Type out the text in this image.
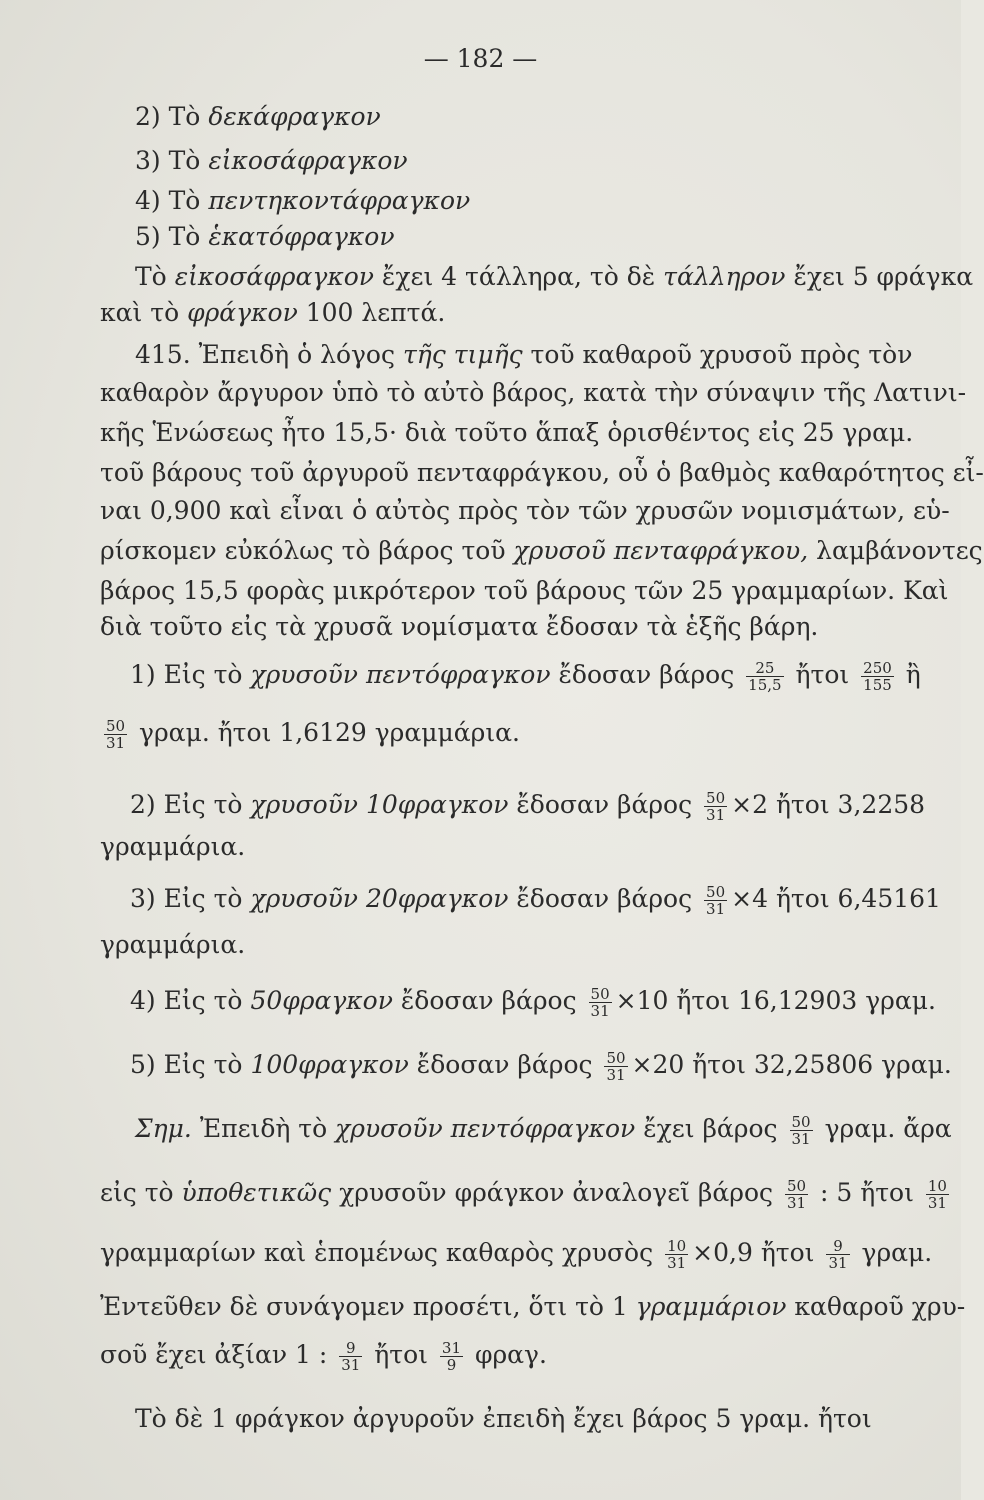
— 182 —
2) Τὸ δεκάφραγκον
3) Τὸ εἰκοσάφραγκον
4) Τὸ πεντηκοντάφραγκον
5) Τὸ ἑκατόφραγκον
Τὸ εἰκοσάφραγκον ἔχει 4 τάλληρα, τὸ δὲ τάλληρον ἔχει 5 φράγκα
καὶ τὸ φράγκον 100 λεπτά.
415. Ἐπειδὴ ὁ λόγος τῆς τιμῆς τοῦ καθαροῦ χρυσοῦ πρὸς τὸν
καθαρὸν ἄργυρον ὑπὸ τὸ αὐτὸ βάρος, κατὰ τὴν σύναψιν τῆς Λατινι-
κῆς Ἑνώσεως ἦτο 15,5· διὰ τοῦτο ἅπαξ ὁρισθέντος εἰς 25 γραμ.
τοῦ βάρους τοῦ ἀργυροῦ πενταφράγκου, οὗ ὁ βαθμὸς καθαρότητος εἶ-
ναι 0,900 καὶ εἶναι ὁ αὐτὸς πρὸς τὸν τῶν χρυσῶν νομισμάτων, εὑ-
ρίσκομεν εὐκόλως τὸ βάρος τοῦ χρυσοῦ πενταφράγκου, λαμβάνοντες
βάρος 15,5 φορὰς μικρότερον τοῦ βάρους τῶν 25 γραμμαρίων. Καὶ
διὰ τοῦτο εἰς τὰ χρυσᾶ νομίσματα ἔδοσαν τὰ ἑξῆς βάρη.
1) Εἰς τὸ χρυσοῦν πεντόφραγκον ἔδοσαν βάρος $\frac{25}{15,5}$ ἤτοι $\frac{250}{155}$ ἢ
$\frac{50}{31} \gamma\rho\alpha\mu$. ἤτοι 1,6129 γραμμάρια.
2) Εἰς τὸ χρυσοῦν 10φραγκον ἔδοσαν βάρος $\frac{50}{31} \times 2$ ἤτοι 3,2258
γραμμάρια.
3) Εἰς τὸ χρυσοῦν 20φραγκον ἔδοσαν βάρος $\frac{50}{31} \times 4$ ἤτοι 6,45161
γραμμάρια.
4) Εἰς τὸ 50φραγκον ἔδοσαν βάρος $\frac{50}{31} \times 10$ ἤτοι 16,12903 γραμ.
5) Εἰς τὸ 100φραγκον ἔδοσαν βάρος $\frac{50}{31} \times 20$ ἤτοι 32,25806 γραμ.
Σημ. Ἐπειδὴ τὸ χρυσοῦν πεντόφραγκον ἔχει βάρος $\frac{50}{31} \gamma\rho\alpha\mu$. ἄρα
εἰς τὸ ὑποθετικῶς χρυσοῦν φράγκον ἀναλογεῖ βάρος $\frac{50}{31}$ : 5 ἤτοι $\frac{10}{31}$
γραμμαρίων καὶ ἑπομένως καθαρὸς χρυσὸς $\frac{10}{31} \times 0,9$ ἤτοι $\frac{9}{31} \gamma\rho\alpha\mu$.
Ἐντεῦθεν δὲ συνάγομεν προσέτι, ὅτι τὸ 1 γραμμάριον καθαροῦ χρυ-
σοῦ ἔχει ἀξίαν 1 : $\frac{9}{31}$ ἤτοι $\frac{31}{9} \varphi\rho\alpha\gamma$.
Τὸ δὲ 1 φράγκον ἀργυροῦν ἐπειδὴ ἔχει βάρος 5 γραμ. ἤτοι
